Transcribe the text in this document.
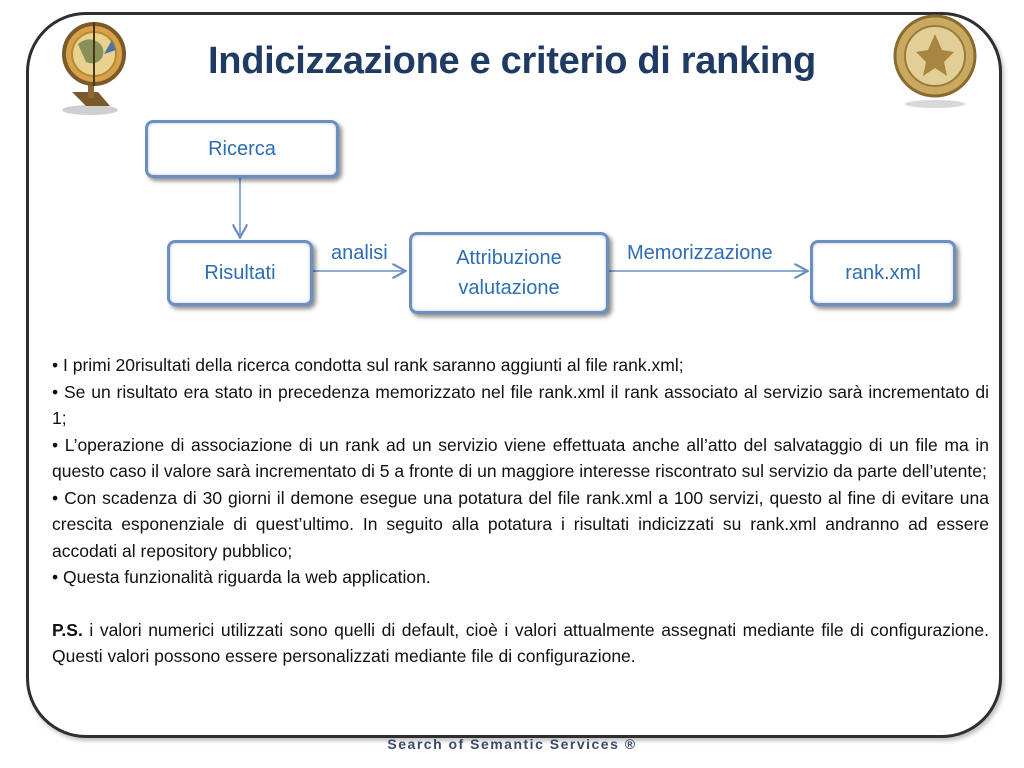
Indicizzazione e criterio di ranking
Ricerca
Risultati
Attribuzione
valutazione
rank.xml
analisi	Memorizzazione

• I primi 20risultati della ricerca condotta sul rank saranno aggiunti al file rank.xml;

• Se un risultato era stato in precedenza memorizzato nel file rank.xml il rank associato al servizio sarà incrementato di 1;

• L’operazione di associazione di un rank ad un servizio viene effettuata anche all’atto del salvataggio di un file ma in questo caso il valore sarà incrementato di 5 a fronte di un maggiore interesse riscontrato sul servizio da parte dell’utente;

• Con scadenza di 30 giorni il demone esegue una potatura del file rank.xml a 100 servizi, questo al fine di evitare una crescita esponenziale di quest’ultimo. In seguito alla potatura i risultati indicizzati su rank.xml andranno ad essere accodati al repository pubblico;

• Questa funzionalità riguarda la web application.

P.S. i valori numerici utilizzati sono quelli di default, cioè i valori attualmente assegnati mediante file di configurazione. Questi valori possono essere personalizzati mediante file di configurazione.

Search of Semantic Services ®
